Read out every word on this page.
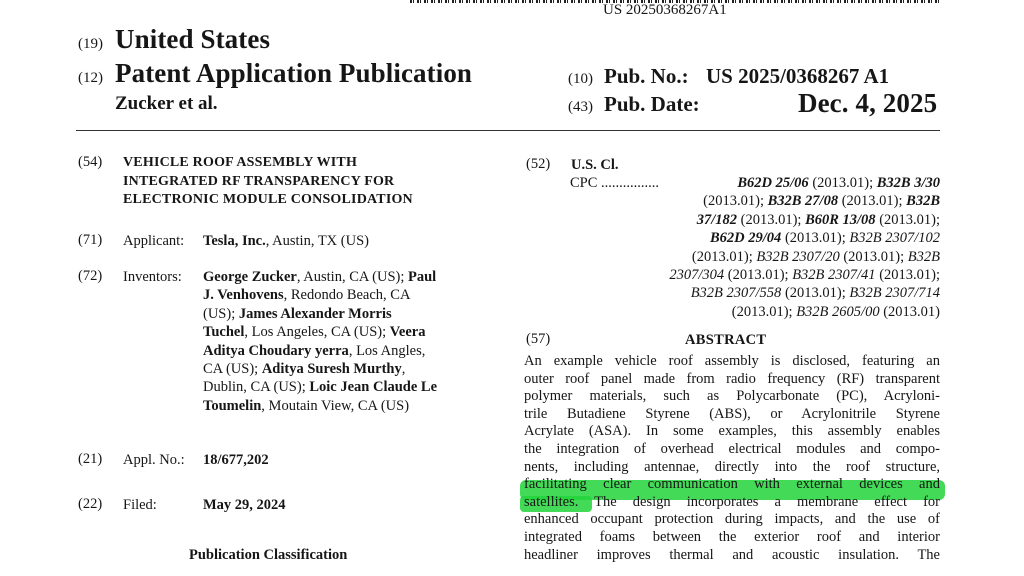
US 20250368267A1
(19) United States
(12) Patent Application Publication
Zucker et al.
(10) Pub. No.: US 2025/0368267 A1
(43) Pub. Date:	Dec. 4, 2025
(54) VEHICLE ROOF ASSEMBLY WITH
INTEGRATED RF TRANSPARENCY FOR
ELECTRONIC MODULE CONSOLIDATION
(71) Applicant: Tesla, Inc., Austin, TX (US)
(72) Inventors: George Zucker, Austin, CA (US); Paul
J. Venhovens, Redondo Beach, CA
(US); James Alexander Morris
Tuchel, Los Angeles, CA (US); Veera
Aditya Choudary yerra, Los Angles,
CA (US); Aditya Suresh Murthy,
Dublin, CA (US); Loic Jean Claude Le
Toumelin, Moutain View, CA (US)
(21) Appl. No.: 18/677,202
(22) Filed:	May 29, 2024
Publication Classification
(52) U.S. Cl.
CPC ................	B62D 25/06 (2013.01); B32B 3/30
(2013.01); B32B 27/08 (2013.01); B32B
37/182 (2013.01); B60R 13/08 (2013.01);
B62D 29/04 (2013.01); B32B 2307/102
(2013.01); B32B 2307/20 (2013.01); B32B
2307/304 (2013.01); B32B 2307/41 (2013.01);
B32B 2307/558 (2013.01); B32B 2307/714
(2013.01); B32B 2605/00 (2013.01)
(57)	ABSTRACT
An example vehicle roof assembly is disclosed, featuring an
outer roof panel made from radio frequency (RF) transparent
polymer materials, such as Polycarbonate (PC), Acryloni-
trile Butadiene Styrene (ABS), or Acrylonitrile Styrene
Acrylate (ASA). In some examples, this assembly enables
the integration of overhead electrical modules and compo-
nents, including antennae, directly into the roof structure,
facilitating clear communication with external devices and
satellites. The design incorporates a membrane effect for
enhanced occupant protection during impacts, and the use of
integrated foams between the exterior roof and interior
headliner improves thermal and acoustic insulation. The
